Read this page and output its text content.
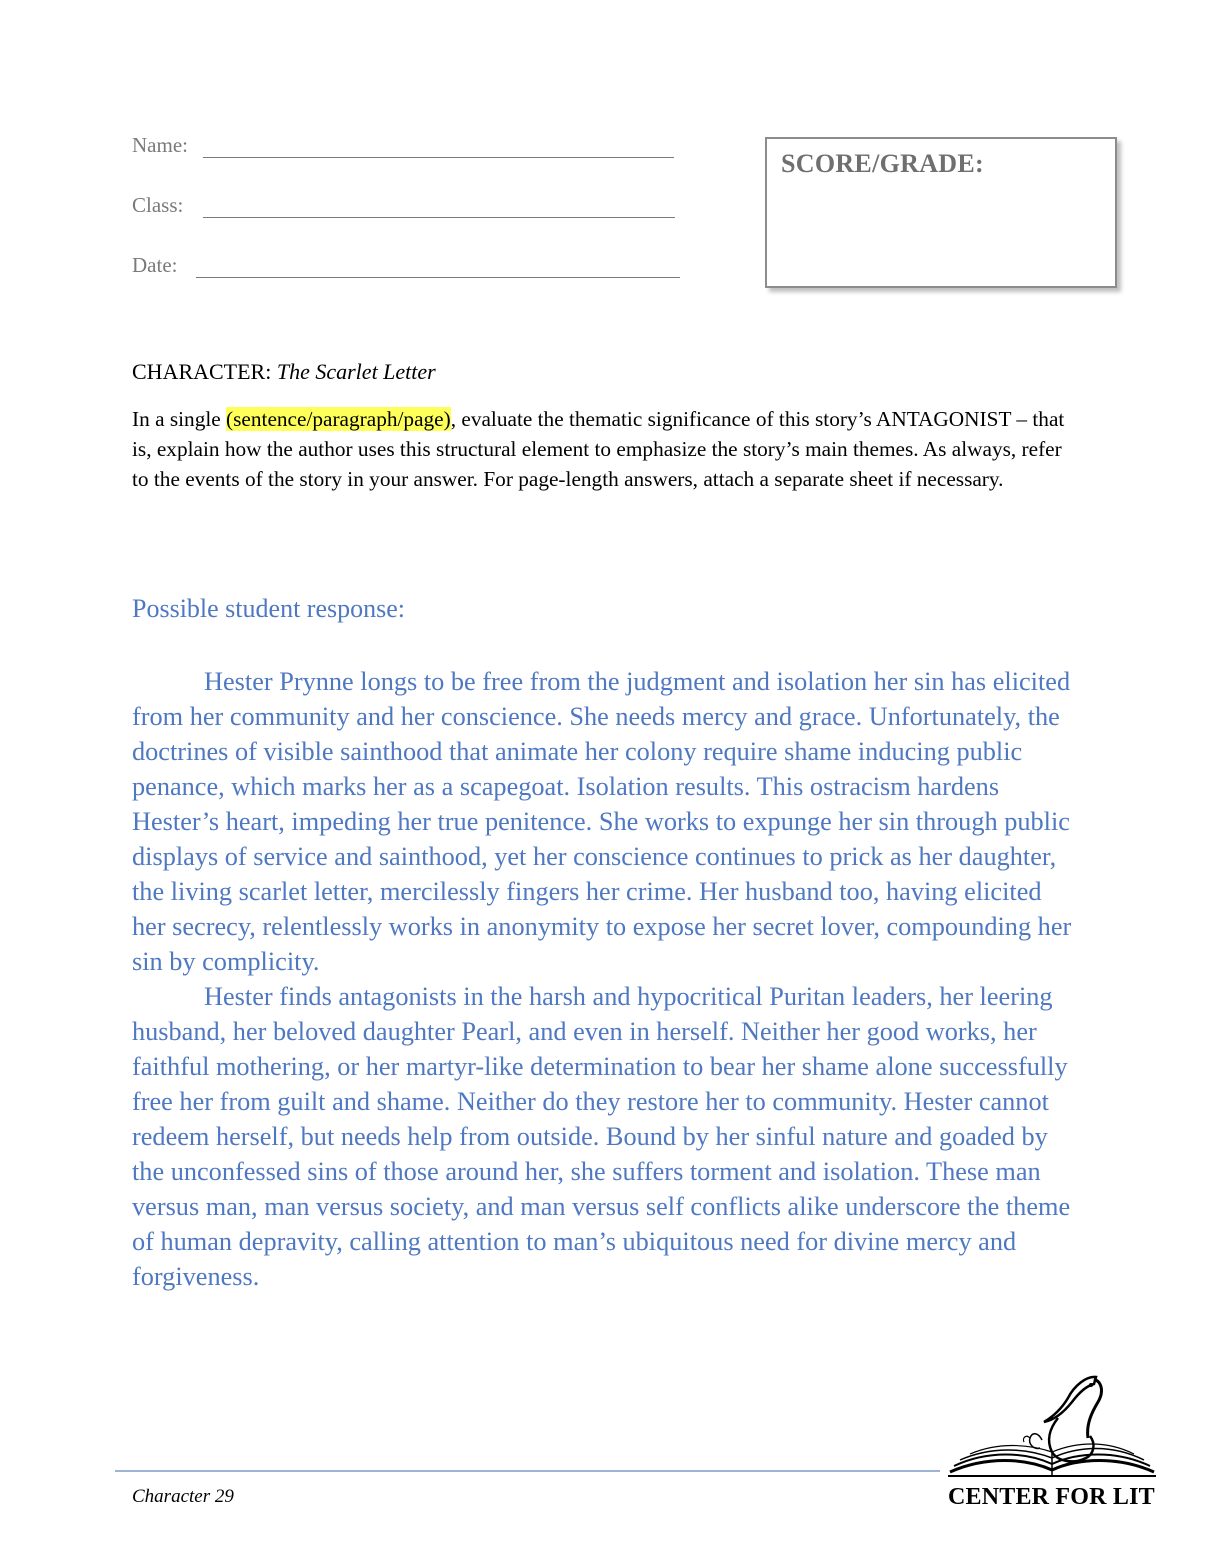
Name:
Class:
Date:
SCORE/GRADE:
CHARACTER: The Scarlet Letter
In a single (sentence/paragraph/page), evaluate the thematic significance of this story’s ANTAGONIST – that is, explain how the author uses this structural element to emphasize the story’s main themes. As always, refer to the events of the story in your answer. For page-length answers, attach a separate sheet if necessary.
Possible student response:

Hester Prynne longs to be free from the judgment and isolation her sin has elicited from her community and her conscience. She needs mercy and grace. Unfortunately, the doctrines of visible sainthood that animate her colony require shame inducing public penance, which marks her as a scapegoat. Isolation results. This ostracism hardens Hester’s heart, impeding her true penitence. She works to expunge her sin through public displays of service and sainthood, yet her conscience continues to prick as her daughter, the living scarlet letter, mercilessly fingers her crime. Her husband too, having elicited her secrecy, relentlessly works in anonymity to expose her secret lover, compounding her sin by complicity.

Hester finds antagonists in the harsh and hypocritical Puritan leaders, her leering husband, her beloved daughter Pearl, and even in herself. Neither her good works, her faithful mothering, or her martyr-like determination to bear her shame alone successfully free her from guilt and shame. Neither do they restore her to community. Hester cannot redeem herself, but needs help from outside. Bound by her sinful nature and goaded by the unconfessed sins of those around her, she suffers torment and isolation. These man versus man, man versus society, and man versus self conflicts alike underscore the theme of human depravity, calling attention to man’s ubiquitous need for divine mercy and forgiveness.

Character 29	CENTER FOR LIT
